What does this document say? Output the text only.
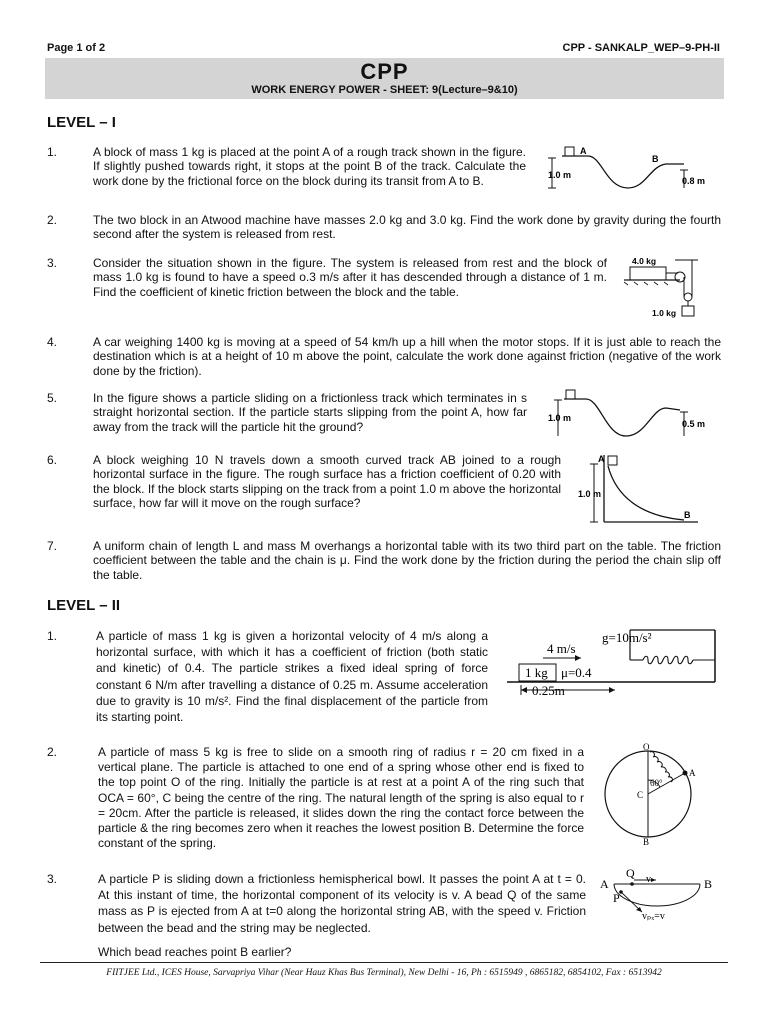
Page 1 of 2	CPP - SANKALP_WEP–9-PH-II
CPP
WORK ENERGY POWER - SHEET: 9(Lecture–9&10)
LEVEL – I
1.	A block of mass 1 kg is placed at the point A of a rough track shown in the figure. If slightly pushed towards right, it stops at the point B of the track. Calculate the work done by the frictional force on the block during its transit from A to B.
2.	The two block in an Atwood machine have masses 2.0 kg and 3.0 kg. Find the work done by gravity during the fourth second after the system is released from rest.
3.	Consider the situation shown in the figure. The system is released from rest and the block of mass 1.0 kg is found to have a speed o.3 m/s after it has descended through a distance of 1 m. Find the coefficient of kinetic friction between the block and the table.
4.	A car weighing 1400 kg is moving at a speed of 54 km/h up a hill when the motor stops. If it is just able to reach the destination which is at a height of 10 m above the point, calculate the work done against friction (negative of the work done by the friction).
5.	In the figure shows a particle sliding on a frictionless track which terminates in s straight horizontal section. If the particle starts slipping from the point A, how far away from the track will the particle hit the ground?
6.	A block weighing 10 N travels down a smooth curved track AB joined to a rough horizontal surface in the figure. The rough surface has a friction coefficient of 0.20 with the block. If the block starts slipping on the track from a point 1.0 m above the horizontal surface, how far will it move on the rough surface?
7.	A uniform chain of length L and mass M overhangs a horizontal table with its two third part on the table. The friction coefficient between the table and the chain is μ. Find the work done by the friction during the period the chain slip off the table.
LEVEL – II
1.	A particle of mass 1 kg is given a horizontal velocity of 4 m/s along a horizontal surface, with which it has a coefficient of friction (both static and kinetic) of 0.4. The particle strikes a fixed ideal spring of force constant 6 N/m after travelling a distance of 0.25 m. Assume acceleration due to gravity is 10 m/s². Find the final displacement of the particle from its starting point.
2.	A particle of mass 5 kg is free to slide on a smooth ring of radius r = 20 cm fixed in a vertical plane. The particle is attached to one end of a spring whose other end is fixed to the top point O of the ring. Initially the particle is at rest at a point A of the ring such that OCA = 60°, C being the centre of the ring. The natural length of the spring is also equal to r = 20cm. After the particle is released, it slides down the ring the contact force between the particle & the ring becomes zero when it reaches the lowest position B. Determine the force constant of the spring.
3.	A particle P is sliding down a frictionless hemispherical bowl. It passes the point A at t = 0. At this instant of time, the horizontal component of its velocity is v. A bead Q of the same mass as P is ejected from A at t=0 along the horizontal string AB, with the speed v. Friction between the bead and the string may be neglected.
Which bead reaches point B earlier?
1.0 m
A
B
0.8 m
4.0 kg
1.0 kg
1.0 m
0.5 m
A
1.0 m
B
g=10m/s²
4 m/s
1 kg μ=0.4
0.25m
O
A
C
B
60°
A	B
Q v
P
vₚₓ=v
FIITJEE Ltd., ICES House, Sarvapriya Vihar (Near Hauz Khas Bus Terminal), New Delhi - 16, Ph : 6515949 , 6865182, 6854102, Fax : 6513942
